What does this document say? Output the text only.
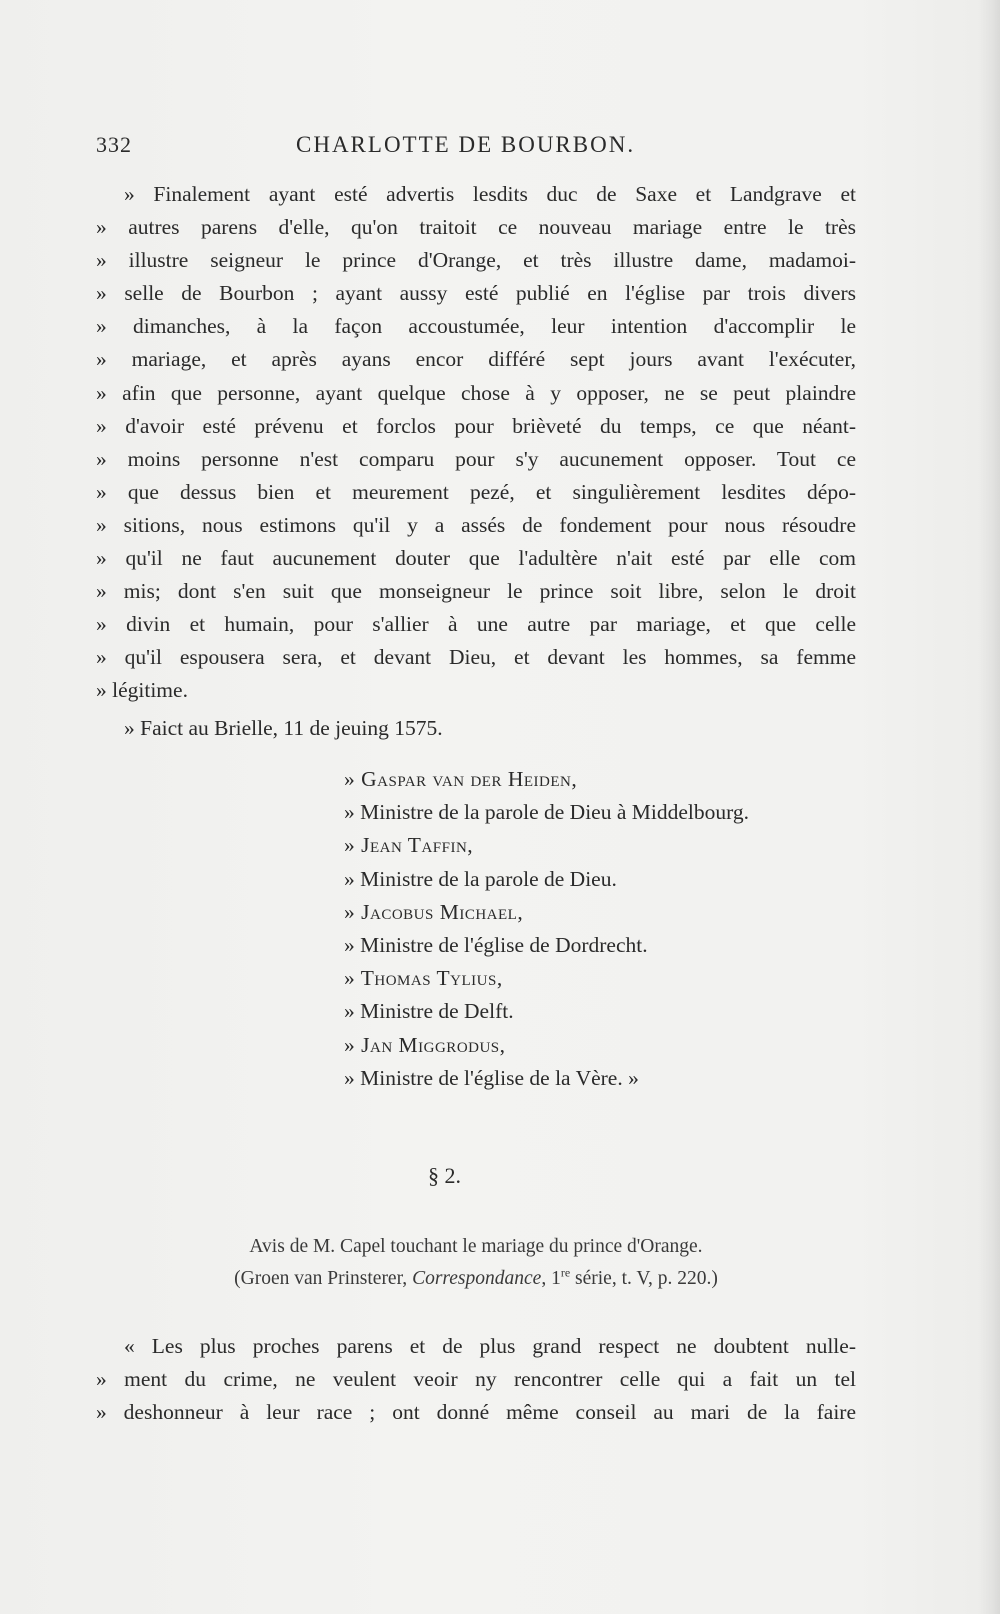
332	CHARLOTTE DE BOURBON.
» Finalement ayant esté advertis lesdits duc de Saxe et Landgrave et
» autres parens d'elle, qu'on traitoit ce nouveau mariage entre le très
» illustre seigneur le prince d'Orange, et très illustre dame, madamoi-
» selle de Bourbon ; ayant aussy esté publié en l'église par trois divers
» dimanches, à la façon accoustumée, leur intention d'accomplir le
» mariage, et après ayans encor différé sept jours avant l'exécuter,
» afin que personne, ayant quelque chose à y opposer, ne se peut plaindre
» d'avoir esté prévenu et forclos pour brièveté du temps, ce que néant-
» moins personne n'est comparu pour s'y aucunement opposer. Tout ce
» que dessus bien et meurement pezé, et singulièrement lesdites dépo-
» sitions, nous estimons qu'il y a assés de fondement pour nous résoudre
» qu'il ne faut aucunement douter que l'adultère n'ait esté par elle com
» mis; dont s'en suit que monseigneur le prince soit libre, selon le droit
» divin et humain, pour s'allier à une autre par mariage, et que celle
» qu'il espousera sera, et devant Dieu, et devant les hommes, sa femme
» légitime.
» Faict au Brielle, 11 de jeuing 1575.
» Gaspar van der Heiden,
» Ministre de la parole de Dieu à Middelbourg.
» Jean Taffin,
» Ministre de la parole de Dieu.
» Jacobus Michael,
» Ministre de l'église de Dordrecht.
» Thomas Tylius,
» Ministre de Delft.
» Jan Miggrodus,
» Ministre de l'église de la Vère. »
§ 2.
Avis de M. Capel touchant le mariage du prince d'Orange.
(Groen van Prinsterer, Correspondance, 1re série, t. V, p. 220.)
« Les plus proches parens et de plus grand respect ne doubtent nulle-
» ment du crime, ne veulent veoir ny rencontrer celle qui a fait un tel
» deshonneur à leur race ; ont donné même conseil au mari de la faire
